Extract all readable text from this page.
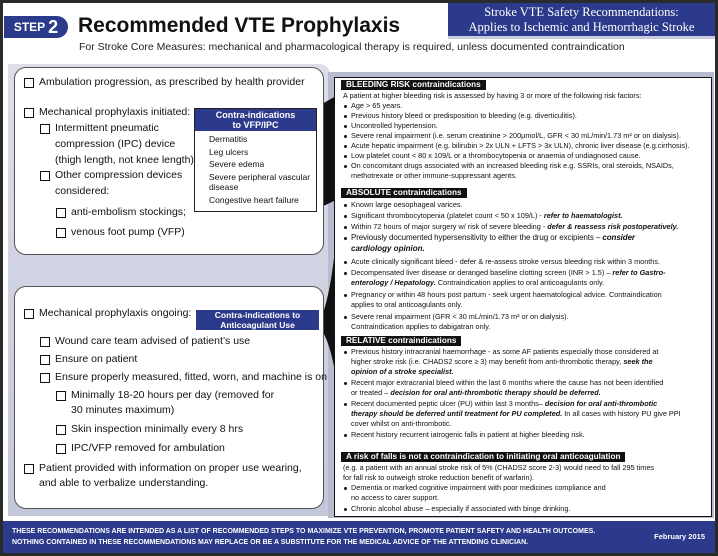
STEP 2 Recommended VTE Prophylaxis
For Stroke Core Measures: mechanical and pharmacological therapy is required, unless documented contraindication
Stroke VTE Safety Recommendations:
Applies to Ischemic and Hemorrhagic Stroke
Ambulation progression, as prescribed by health provider
Mechanical prophylaxis initiated:
Intermittent pneumatic
compression (IPC) device
(thigh length, not knee length)
Other compression devices
considered:
anti-embolism stockings;
venous foot pump (VFP)
Contra-indications
to VFP/IPC
Dermatitis
Leg ulcers
Severe edema
Severe peripheral vascular
disease
Congestive heart failure
Mechanical prophylaxis ongoing:
Wound care team advised of patient’s use
Ensure on patient
Ensure properly measured, fitted, worn, and machine is on
Minimally 18-20 hours per day (removed for
30 minutes maximum)
Skin inspection minimally every 8 hrs
IPC/VFP removed for ambulation
Patient provided with information on proper use wearing,
and able to verbalize understanding.
Contra-indications to
Anticoagulant Use
BLEEDING RISK contraindications
A patient at higher bleeding risk is assessed by having 3 or more of the following risk factors:
Age > 65 years.
Previous history bleed or predisposition to bleeding (e.g. diverticulitis).
Uncontrolled hypertension.
Severe renal impairment (i.e. serum creatinine > 200μmol/L, GFR < 30 mL/min/1.73 m² or on dialysis).
Acute hepatic impairment (e.g. bilirubin > 2x ULN + LFTS > 3x ULN), chronic liver disease (e.g.cirrhosis).
Low platelet count < 80 x 109/L or a thrombocytopenia or anaemia of undiagnosed cause.
On concomitant drugs associated with an increased bleeding risk e.g. SSRIs, oral steroids, NSAIDs,
methotrexate or other immune-suppressant agents.
ABSOLUTE contraindications
Known large oesophageal varices.
Significant thrombocytopenia (platelet count < 50 x 109/L) - refer to haematologist.
Within 72 hours of major surgery w/ risk of severe bleeding - defer & reassess risk postoperatively.
Previously documented hypersensitivity to either the drug or excipients – consider
cardiology opinion.
Acute clinically significant bleed - defer & re-assess stroke versus bleeding risk within 3 months.
Decompensated liver disease or deranged baseline clotting screen (INR > 1.5) – refer to Gastro-
enterology / Hepatology. Contraindication applies to oral anticoagulants only.
Pregnancy or within 48 hours post partum - seek urgent haematological advice. Contraindication
applies to oral anticoagulants only.
Severe renal impairment (GFR < 30 mL/min/1.73 m² or on dialysis).
Contraindication applies to dabigatran only.
RELATIVE contraindications
Previous history intracranial haemorrhage - as some AF patients especially those considered at
higher stroke risk (i.e. CHADS2 score ≥ 3) may benefit from anti-thrombotic therapy, seek the
opinion of a stroke specialist.
Recent major extracranial bleed within the last 6 months where the cause has not been identified
or treated – decision for oral anti-thrombotic therapy should be deferred.
Recent documented peptic ulcer (PU) within last 3 months– decision for oral anti-thrombotic
therapy should be deferred until treatment for PU completed. In all cases with history PU give PPI
cover whilst on anti-thrombotic.
Recent history recurrent iatrogenic falls in patient at higher bleeding risk.
A risk of falls is not a contraindication to initiating oral anticoagulation
(e.g. a patient with an annual stroke risk of 5% (CHADS2 score 2-3) would need to fall 295 times
for fall risk to outweigh stroke reduction benefit of warfarin).
Dementia or marked cognitive impairment with poor medicines compliance and
no access to carer support.
Chronic alcohol abuse – especially if associated with binge drinking.
THESE RECOMMENDATIONS ARE INTENDED AS A LIST OF RECOMMENDED STEPS TO MAXIMIZE VTE PREVENTION, PROMOTE PATIENT SAFETY AND HEALTH OUTCOMES.
NOTHING CONTAINED IN THESE RECOMMENDATIONS MAY REPLACE OR BE A SUBSTITUTE FOR THE MEDICAL ADVICE OF THE ATTENDING CLINICIAN.
February 2015
